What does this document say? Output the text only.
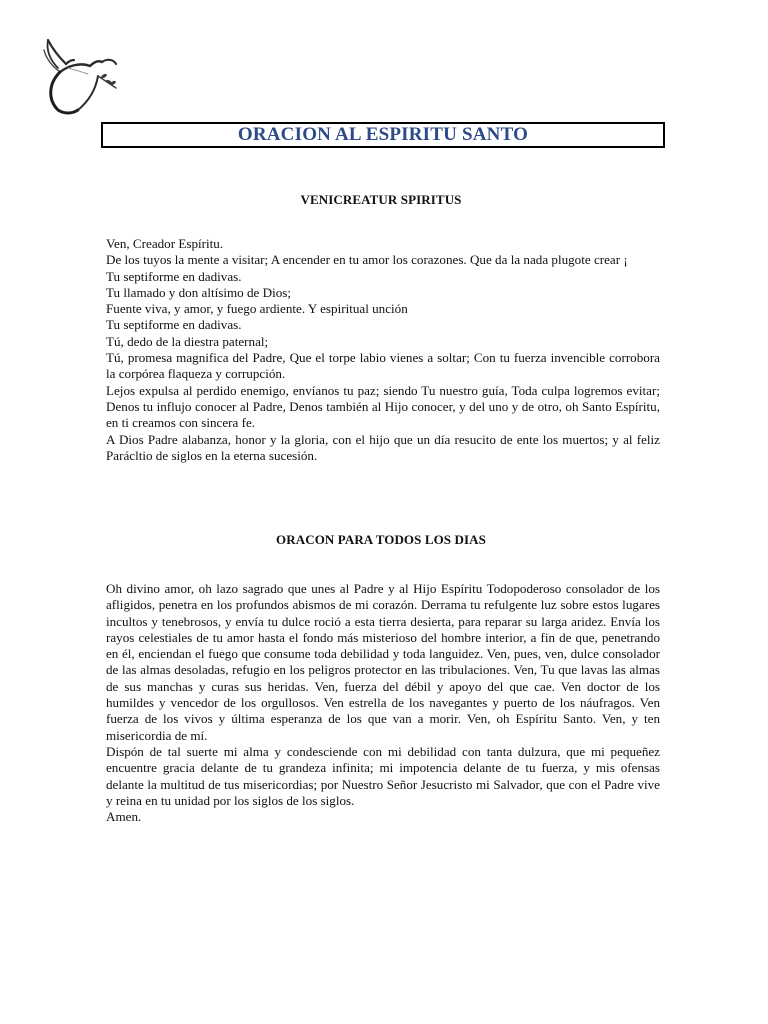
ORACION AL ESPIRITU SANTO
VENICREATUR SPIRITUS

Ven, Creador Espíritu.

De los tuyos la mente a visitar; A encender en tu amor los corazones. Que da la nada plugote crear ¡

Tu septiforme en dadivas.

Tu llamado y don altísimo de Dios;

Fuente viva, y amor, y fuego ardiente. Y espiritual unción

Tu septiforme en dadivas.

Tú, dedo de la diestra paternal;

Tú, promesa magnifica del Padre, Que el torpe labio vienes a soltar; Con tu fuerza invencible corrobora la corpórea flaqueza y corrupción.

Lejos expulsa al perdido enemigo, envíanos tu paz; siendo Tu nuestro guía, Toda culpa logremos evitar; Denos tu influjo conocer al Padre, Denos también al Hijo conocer, y del uno y de otro, oh Santo Espíritu, en ti creamos con sincera fe.

A Dios Padre alabanza, honor y la gloria, con el hijo que un día resucito de ente los muertos; y al feliz Parácltio de siglos en la eterna sucesión.

ORACON PARA TODOS LOS DIAS

Oh divino amor, oh lazo sagrado que unes al Padre y al Hijo Espíritu Todopoderoso consolador de los afligidos, penetra en los profundos abismos de mi corazón. Derrama tu refulgente luz sobre estos lugares incultos y tenebrosos, y envía tu dulce roció a esta tierra desierta, para reparar su larga aridez. Envía los rayos celestiales de tu amor hasta el fondo más misterioso del hombre interior, a fin de que, penetrando en él, enciendan el fuego que consume toda debilidad y toda languidez. Ven, pues, ven, dulce consolador de las almas desoladas, refugio en los peligros protector en las tribulaciones. Ven, Tu que lavas las almas de sus manchas y curas sus heridas. Ven, fuerza del débil y apoyo del que cae. Ven doctor de los humildes y vencedor de los orgullosos. Ven estrella de los navegantes y puerto de los náufragos. Ven fuerza de los vivos y última esperanza de los que van a morir. Ven, oh Espíritu Santo. Ven, y ten misericordia de mí.

Dispón de tal suerte mi alma y condesciende con mi debilidad con tanta dulzura, que mi pequeñez encuentre gracia delante de tu grandeza infinita; mi impotencia delante de tu fuerza, y mis ofensas delante la multitud de tus misericordias; por Nuestro Señor Jesucristo mi Salvador, que con el Padre vive y reina en tu unidad por los siglos de los siglos.

Amen.
